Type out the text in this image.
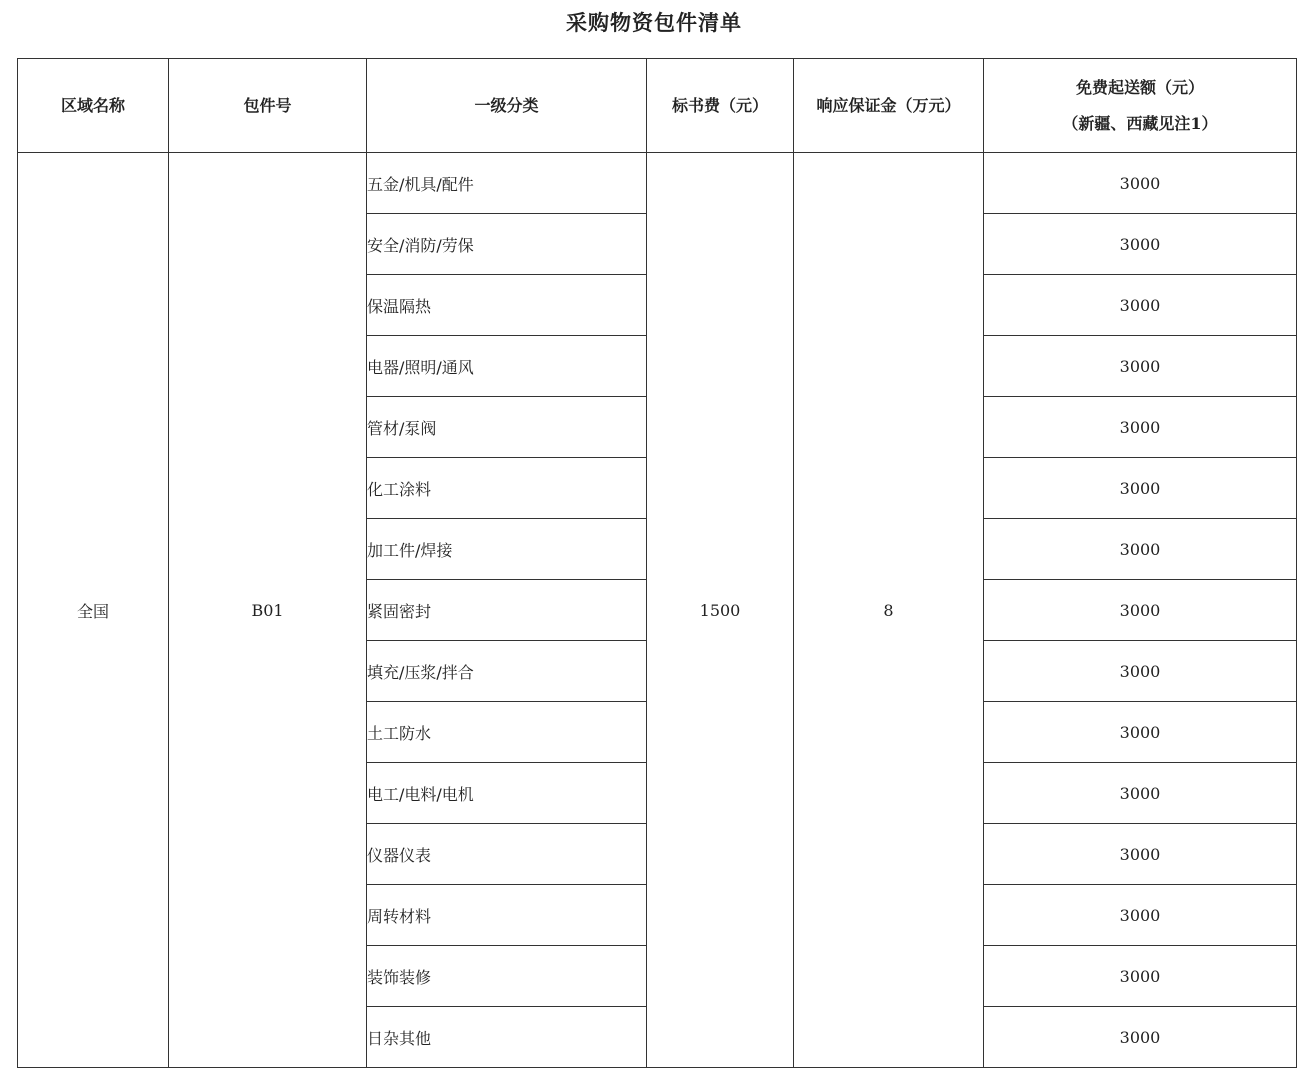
采购物资包件清单
区域名称	包件号	一级分类	标书费（元）	响应保证金（万元）	免费起送额（元）
（新疆、西藏见注1）

全国	B01	五金/机具/配件	1500	8	3000
		安全/消防/劳保			3000
		保温隔热			3000
		电器/照明/通风			3000
		管材/泵阀			3000
		化工涂料			3000
		加工件/焊接			3000
		紧固密封			3000
		填充/压浆/拌合			3000
		土工防水			3000
		电工/电料/电机			3000
		仪器仪表			3000
		周转材料			3000
		装饰装修			3000
		日杂其他			3000
